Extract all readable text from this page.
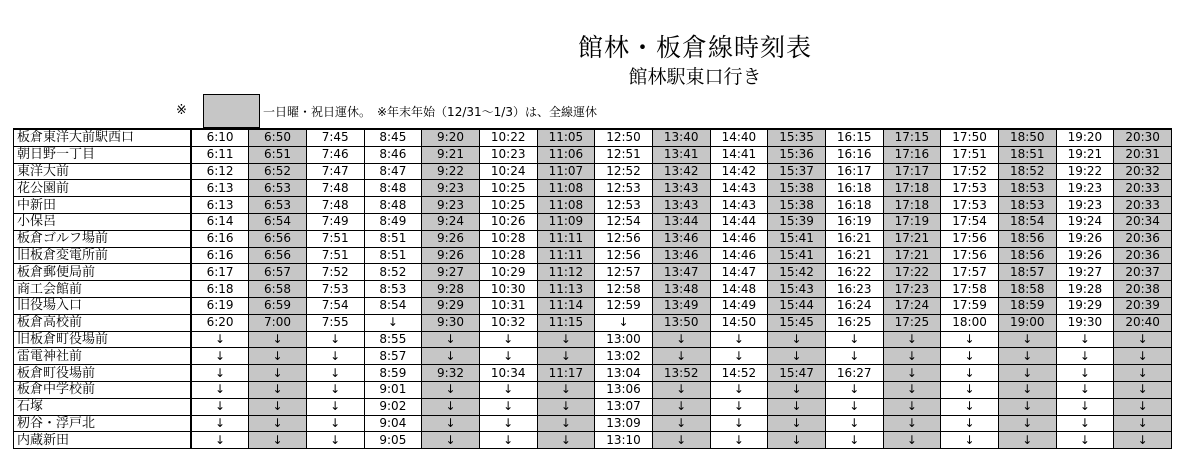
館林・板倉線時刻表
館林駅東口行き
※	一日曜・祝日運休。　※年末年始（12/31～1/3）は、全線運休
板倉東洋大前駅西口	6:10	6:50	7:45	8:45	9:20	10:22	11:05	12:50	13:40	14:40	15:35	16:15	17:15	17:50	18:50	19:20	20:30
朝日野一丁目	6:11	6:51	7:46	8:46	9:21	10:23	11:06	12:51	13:41	14:41	15:36	16:16	17:16	17:51	18:51	19:21	20:31
東洋大前	6:12	6:52	7:47	8:47	9:22	10:24	11:07	12:52	13:42	14:42	15:37	16:17	17:17	17:52	18:52	19:22	20:32
花公園前	6:13	6:53	7:48	8:48	9:23	10:25	11:08	12:53	13:43	14:43	15:38	16:18	17:18	17:53	18:53	19:23	20:33
中新田	6:13	6:53	7:48	8:48	9:23	10:25	11:08	12:53	13:43	14:43	15:38	16:18	17:18	17:53	18:53	19:23	20:33
小保呂	6:14	6:54	7:49	8:49	9:24	10:26	11:09	12:54	13:44	14:44	15:39	16:19	17:19	17:54	18:54	19:24	20:34
板倉ゴルフ場前	6:16	6:56	7:51	8:51	9:26	10:28	11:11	12:56	13:46	14:46	15:41	16:21	17:21	17:56	18:56	19:26	20:36
旧板倉変電所前	6:16	6:56	7:51	8:51	9:26	10:28	11:11	12:56	13:46	14:46	15:41	16:21	17:21	17:56	18:56	19:26	20:36
板倉郵便局前	6:17	6:57	7:52	8:52	9:27	10:29	11:12	12:57	13:47	14:47	15:42	16:22	17:22	17:57	18:57	19:27	20:37
商工会館前	6:18	6:58	7:53	8:53	9:28	10:30	11:13	12:58	13:48	14:48	15:43	16:23	17:23	17:58	18:58	19:28	20:38
旧役場入口	6:19	6:59	7:54	8:54	9:29	10:31	11:14	12:59	13:49	14:49	15:44	16:24	17:24	17:59	18:59	19:29	20:39
板倉高校前	6:20	7:00	7:55	↓	9:30	10:32	11:15	↓	13:50	14:50	15:45	16:25	17:25	18:00	19:00	19:30	20:40
旧板倉町役場前	↓	↓	↓	8:55	↓	↓	↓	13:00	↓	↓	↓	↓	↓	↓	↓	↓	↓
雷電神社前	↓	↓	↓	8:57	↓	↓	↓	13:02	↓	↓	↓	↓	↓	↓	↓	↓	↓
板倉町役場前	↓	↓	↓	8:59	9:32	10:34	11:17	13:04	13:52	14:52	15:47	16:27	↓	↓	↓	↓	↓
板倉中学校前	↓	↓	↓	9:01	↓	↓	↓	13:06	↓	↓	↓	↓	↓	↓	↓	↓	↓
石塚	↓	↓	↓	9:02	↓	↓	↓	13:07	↓	↓	↓	↓	↓	↓	↓	↓	↓
籾谷・浮戸北	↓	↓	↓	9:04	↓	↓	↓	13:09	↓	↓	↓	↓	↓	↓	↓	↓	↓
内蔵新田	↓	↓	↓	9:05	↓	↓	↓	13:10	↓	↓	↓	↓	↓	↓	↓	↓	↓
